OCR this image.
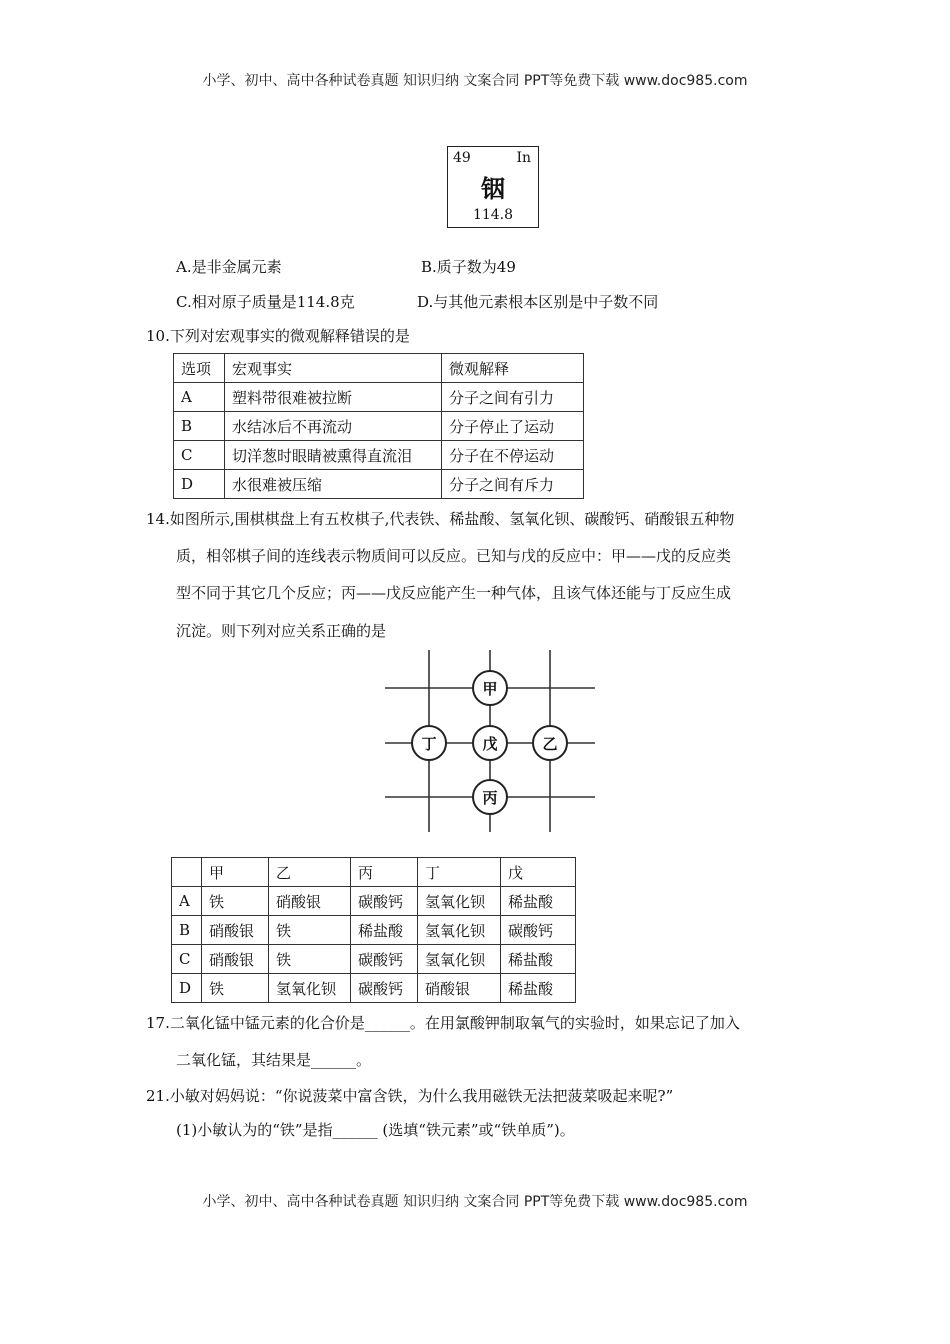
小学、初中、高中各种试卷真题 知识归纳 文案合同 PPT等免费下载 www.doc985.com
49	In
铟
114.8
A.是非金属元素	B.质子数为49
C.相对原子质量是114.8克	D.与其他元素根本区别是中子数不同
10.下列对宏观事实的微观解释错误的是
选项	宏观事实	微观解释
A	塑料带很难被拉断	分子之间有引力
B	水结冰后不再流动	分子停止了运动
C	切洋葱时眼睛被熏得直流泪	分子在不停运动
D	水很难被压缩	分子之间有斥力
14.如图所示,围棋棋盘上有五枚棋子,代表铁、稀盐酸、氢氧化钡、碳酸钙、硝酸银五种物
质，相邻棋子间的连线表示物质间可以反应。已知与戊的反应中：甲——戊的反应类
型不同于其它几个反应；丙——戊反应能产生一种气体，且该气体还能与丁反应生成
沉淀。则下列对应关系正确的是
甲
丁	戊	乙
丙
	甲	乙	丙	丁	戊
A	铁	硝酸银	碳酸钙	氢氧化钡	稀盐酸
B	硝酸银	铁	稀盐酸	氢氧化钡	碳酸钙
C	硝酸银	铁	碳酸钙	氢氧化钡	稀盐酸
D	铁	氢氧化钡	碳酸钙	硝酸银	稀盐酸
17.二氧化锰中锰元素的化合价是______。在用氯酸钾制取氧气的实验时，如果忘记了加入
二氧化锰，其结果是______。
21.小敏对妈妈说：“你说菠菜中富含铁，为什么我用磁铁无法把菠菜吸起来呢?”
(1)小敏认为的“铁”是指______ (选填“铁元素”或“铁单质”)。
小学、初中、高中各种试卷真题 知识归纳 文案合同 PPT等免费下载 www.doc985.com
